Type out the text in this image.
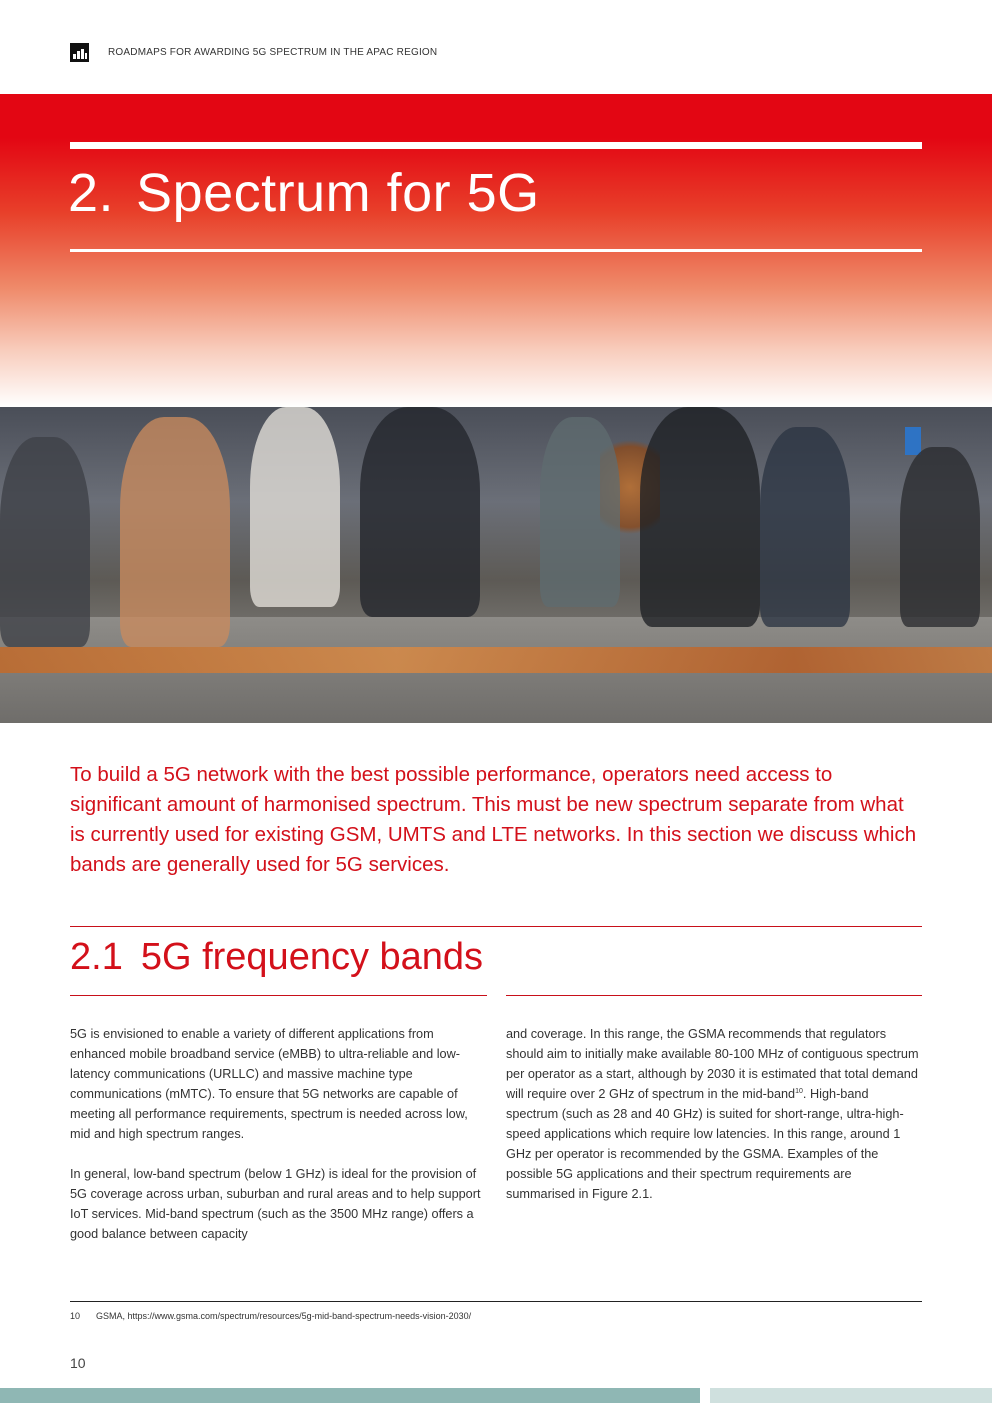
ROADMAPS FOR AWARDING 5G SPECTRUM IN THE APAC REGION
2. Spectrum for 5G

To build a 5G network with the best possible performance, operators need access to significant amount of harmonised spectrum. This must be new spectrum separate from what is currently used for existing GSM, UMTS and LTE networks. In this section we discuss which bands are generally used for 5G services.

2.1 5G frequency bands

5G is envisioned to enable a variety of different applications from enhanced mobile broadband service (eMBB) to ultra-reliable and low-latency communications (URLLC) and massive machine type communications (mMTC). To ensure that 5G networks are capable of meeting all performance requirements, spectrum is needed across low, mid and high spectrum ranges.

In general, low-band spectrum (below 1 GHz) is ideal for the provision of 5G coverage across urban, suburban and rural areas and to help support IoT services. Mid-band spectrum (such as the 3500 MHz range) offers a good balance between capacity

and coverage. In this range, the GSMA recommends that regulators should aim to initially make available 80-100 MHz of contiguous spectrum per operator as a start, although by 2030 it is estimated that total demand will require over 2 GHz of spectrum in the mid-band$^{10}$. High-band spectrum (such as 28 and 40 GHz) is suited for short-range, ultra-high-speed applications which require low latencies. In this range, around 1 GHz per operator is recommended by the GSMA. Examples of the possible 5G applications and their spectrum requirements are summarised in Figure 2.1.

10 GSMA, https://www.gsma.com/spectrum/resources/5g-mid-band-spectrum-needs-vision-2030/
10
